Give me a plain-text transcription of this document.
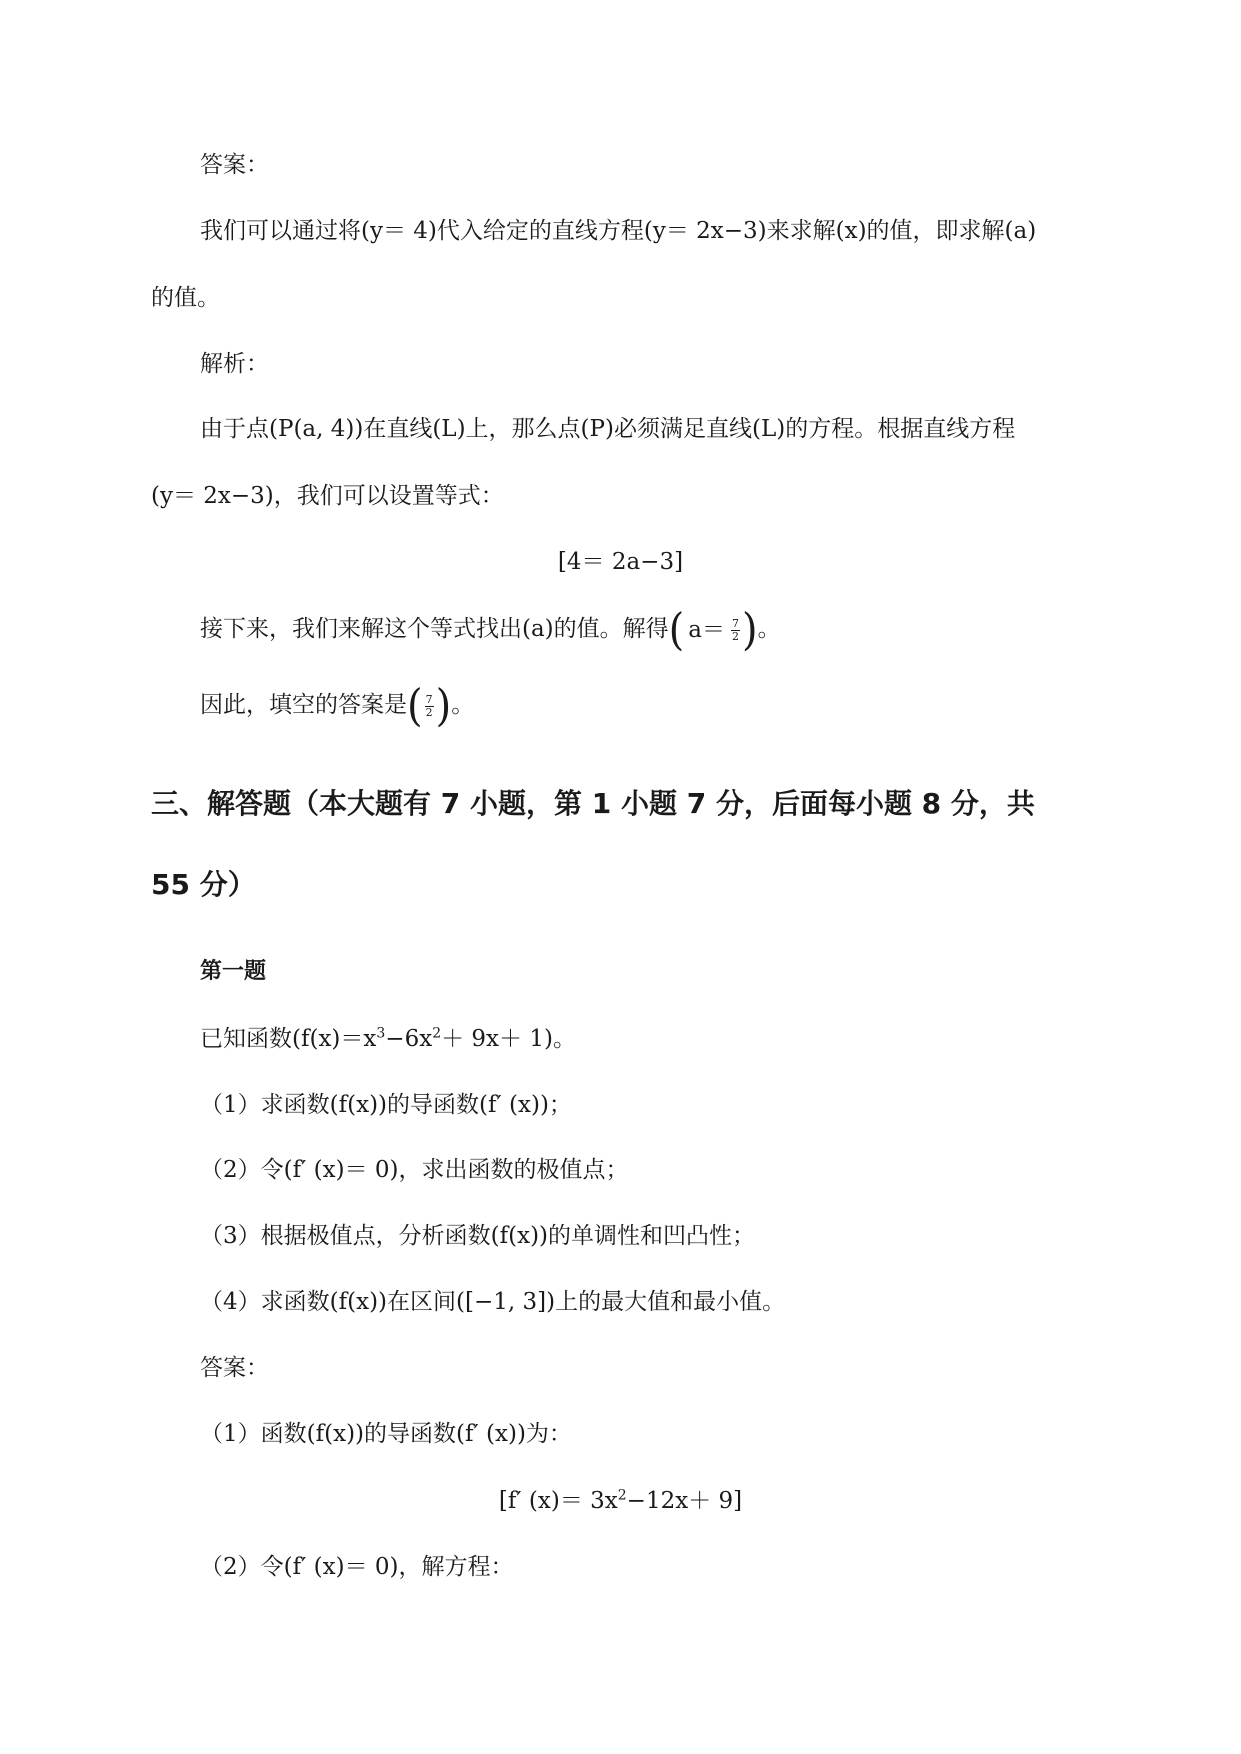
答案：
我们可以通过将(y＝ 4)代入给定的直线方程(y＝ 2x−3)来求解(x)的值，即求解(a)
的值。
解析：
由于点(P(a, 4))在直线(L)上，那么点(P)必须满足直线(L)的方程。根据直线方程
(y＝ 2x−3)，我们可以设置等式：
[4＝ 2a−3]
接下来，我们来解这个等式找出(a)的值。解得 ( $a= \frac{7}{2}$ ) 。
因此，填空的答案是 ( $\frac{7}{2}$ ) 。
三、解答题（本大题有 7 小题，第 1 小题 7 分，后面每小题 8 分，共
55 分）
第一题
已知函数$(f(x)=x^3-6x^2+ 9x+ 1)$。
（1）求函数(f(x))的导函数(f′ (x))；
（2）令(f′ (x)＝ 0)，求出函数的极值点；
（3）根据极值点，分析函数(f(x))的单调性和凹凸性；
（4）求函数(f(x))在区间([−1, 3])上的最大值和最小值。
答案：
（1）函数(f(x))的导函数(f′ (x))为：
[f′ $(x)= 3x^2-12x+ 9$]
（2）令(f′ (x)＝ 0)，解方程：
